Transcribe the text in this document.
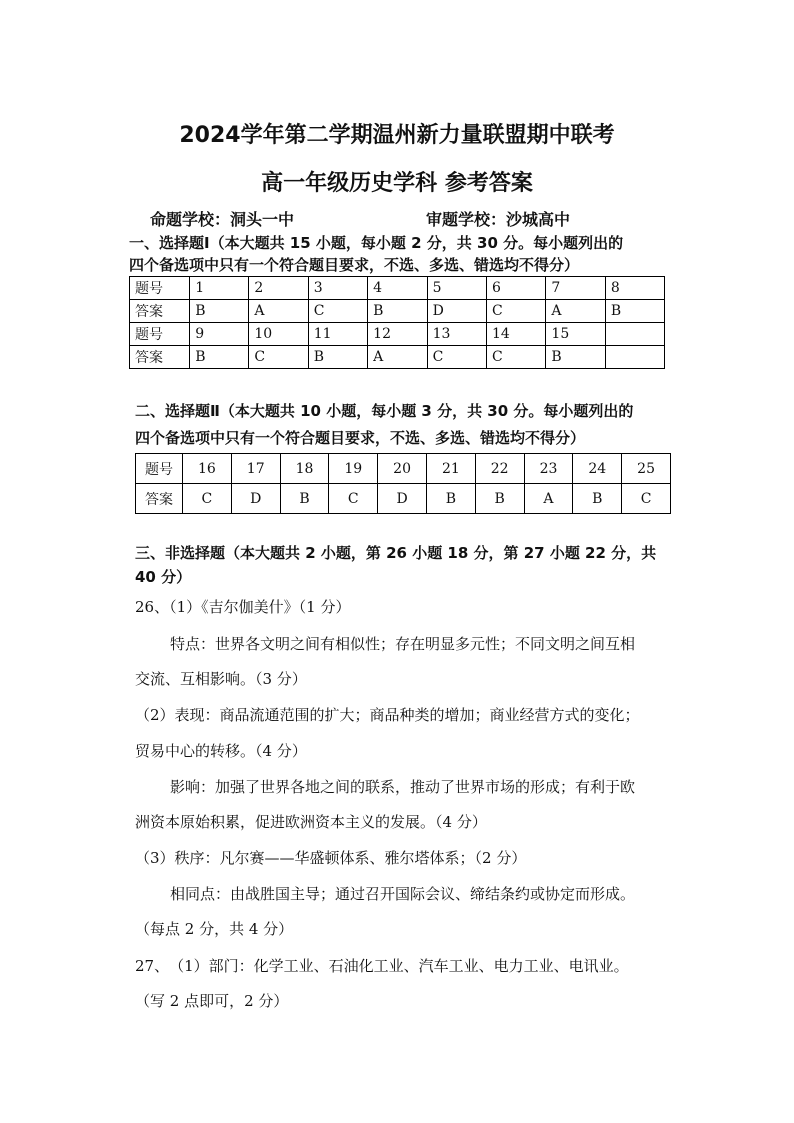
2024学年第二学期温州新力量联盟期中联考
高一年级历史学科 参考答案
命题学校：洞头一中	审题学校：沙城高中
一、选择题Ⅰ（本大题共 15 小题，每小题 2 分，共 30 分。每小题列出的
四个备选项中只有一个符合题目要求，不选、多选、错选均不得分）
题号	1	2	3	4	5	6	7	8
答案	B	A	C	B	D	C	A	B
题号	9	10	11	12	13	14	15	
答案	B	C	B	A	C	C	B	
二、选择题Ⅱ（本大题共 10 小题，每小题 3 分，共 30 分。每小题列出的
四个备选项中只有一个符合题目要求，不选、多选、错选均不得分）
题号	16	17	18	19	20	21	22	23	24	25
答案	C	D	B	C	D	B	B	A	B	C
三、非选择题（本大题共 2 小题，第 26 小题 18 分，第 27 小题 22 分，共
40 分）
26、（1）《吉尔伽美什》（1 分）
特点：世界各文明之间有相似性；存在明显多元性；不同文明之间互相
交流、互相影响。（3 分）
（2）表现：商品流通范围的扩大；商品种类的增加；商业经营方式的变化；
贸易中心的转移。（4 分）
影响：加强了世界各地之间的联系，推动了世界市场的形成；有利于欧
洲资本原始积累，促进欧洲资本主义的发展。（4 分）
（3）秩序：凡尔赛——华盛顿体系、雅尔塔体系；（2 分）
相同点：由战胜国主导；通过召开国际会议、缔结条约或协定而形成。
（每点 2 分，共 4 分）
27、　（1）部门：化学工业、石油化工业、汽车工业、电力工业、电讯业。
（写 2 点即可，2 分）
